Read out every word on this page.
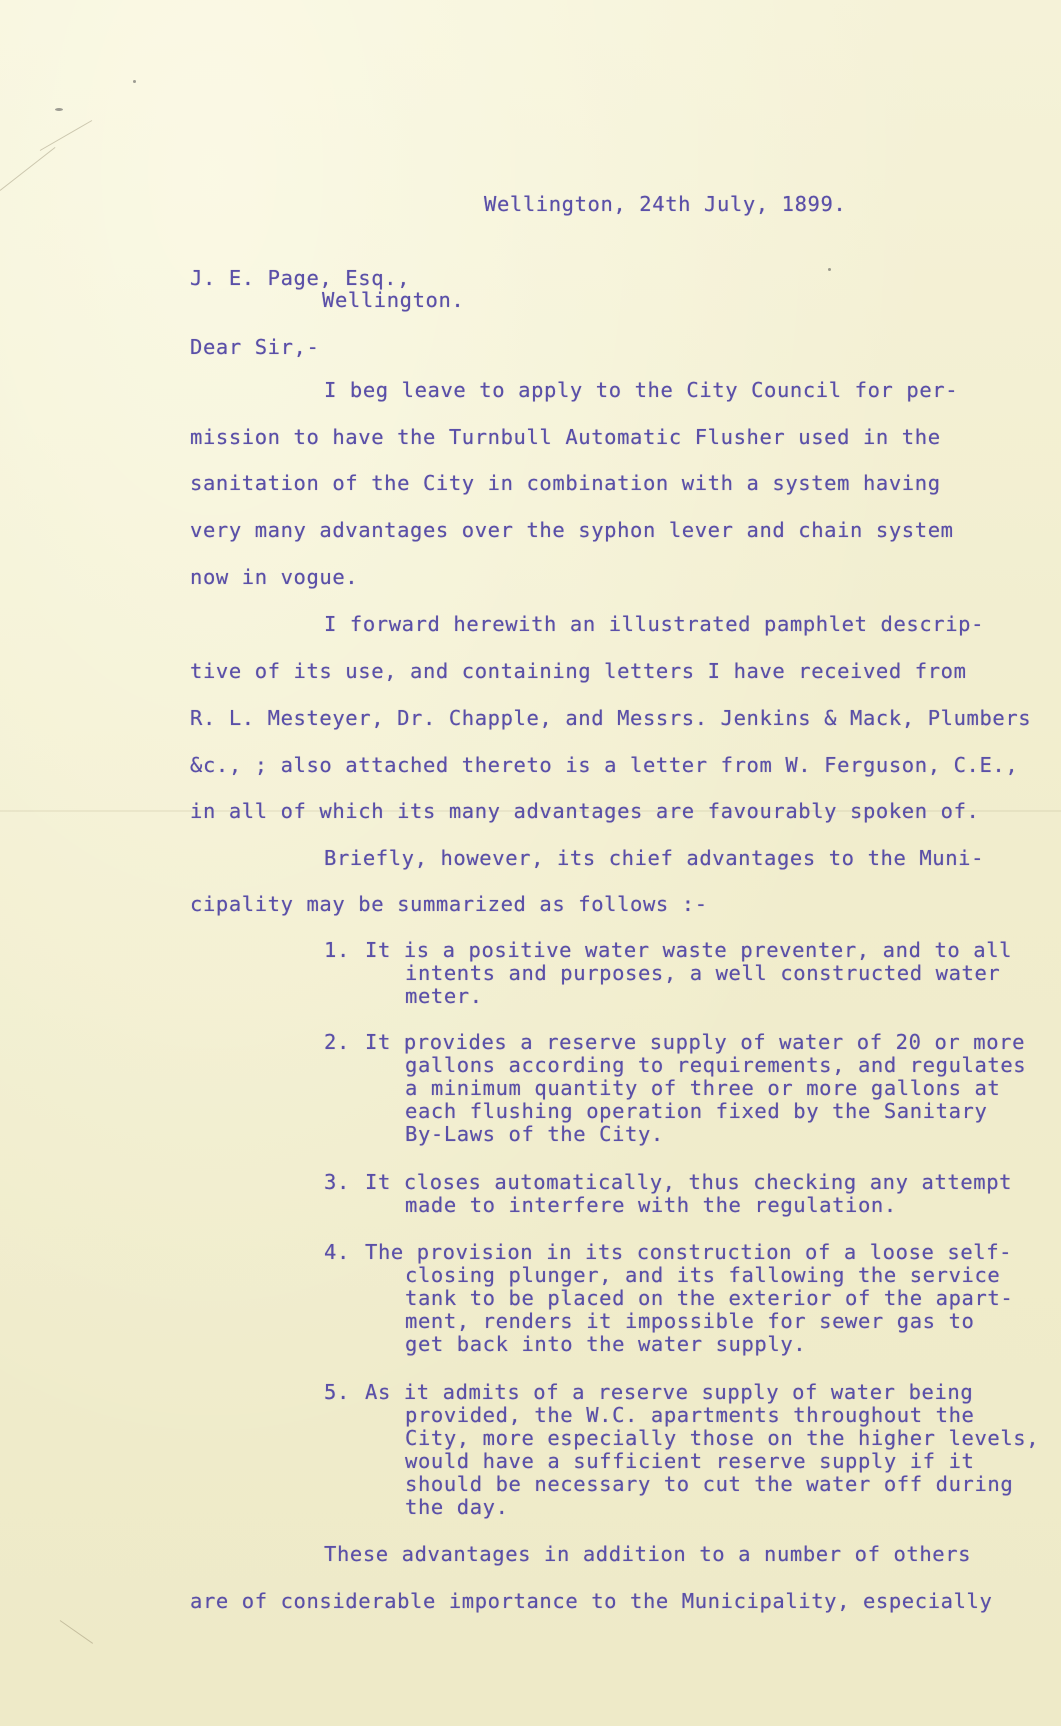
Wellington, 24th July, 1899.
J. E. Page, Esq.,
Wellington.
Dear Sir,-
I beg leave to apply to the City Council for per-
mission to have the Turnbull Automatic Flusher used in the
sanitation of the City in combination with a system having
very many advantages over the syphon lever and chain system
now in vogue.
I forward herewith an illustrated pamphlet descrip-
tive of its use, and containing letters I have received from
R. L. Mesteyer, Dr. Chapple, and Messrs. Jenkins & Mack, Plumbers
&c., ; also attached thereto is a letter from W. Ferguson, C.E.,
in all of which its many advantages are favourably spoken of.
Briefly, however, its chief advantages to the Muni-
cipality may be summarized as follows :-
1. It is a positive water waste preventer, and to all
intents and purposes, a well constructed water
meter.
2. It provides a reserve supply of water of 20 or more
gallons according to requirements, and regulates
a minimum quantity of three or more gallons at
each flushing operation fixed by the Sanitary
By-Laws of the City.
3. It closes automatically, thus checking any attempt
made to interfere with the regulation.
4. The provision in its construction of a loose self-
closing plunger, and its fallowing the service
tank to be placed on the exterior of the apart-
ment, renders it impossible for sewer gas to
get back into the water supply.
5. As it admits of a reserve supply of water being
provided, the W.C. apartments throughout the
City, more especially those on the higher levels,
would have a sufficient reserve supply if it
should be necessary to cut the water off during
the day.
These advantages in addition to a number of others
are of considerable importance to the Municipality, especially
